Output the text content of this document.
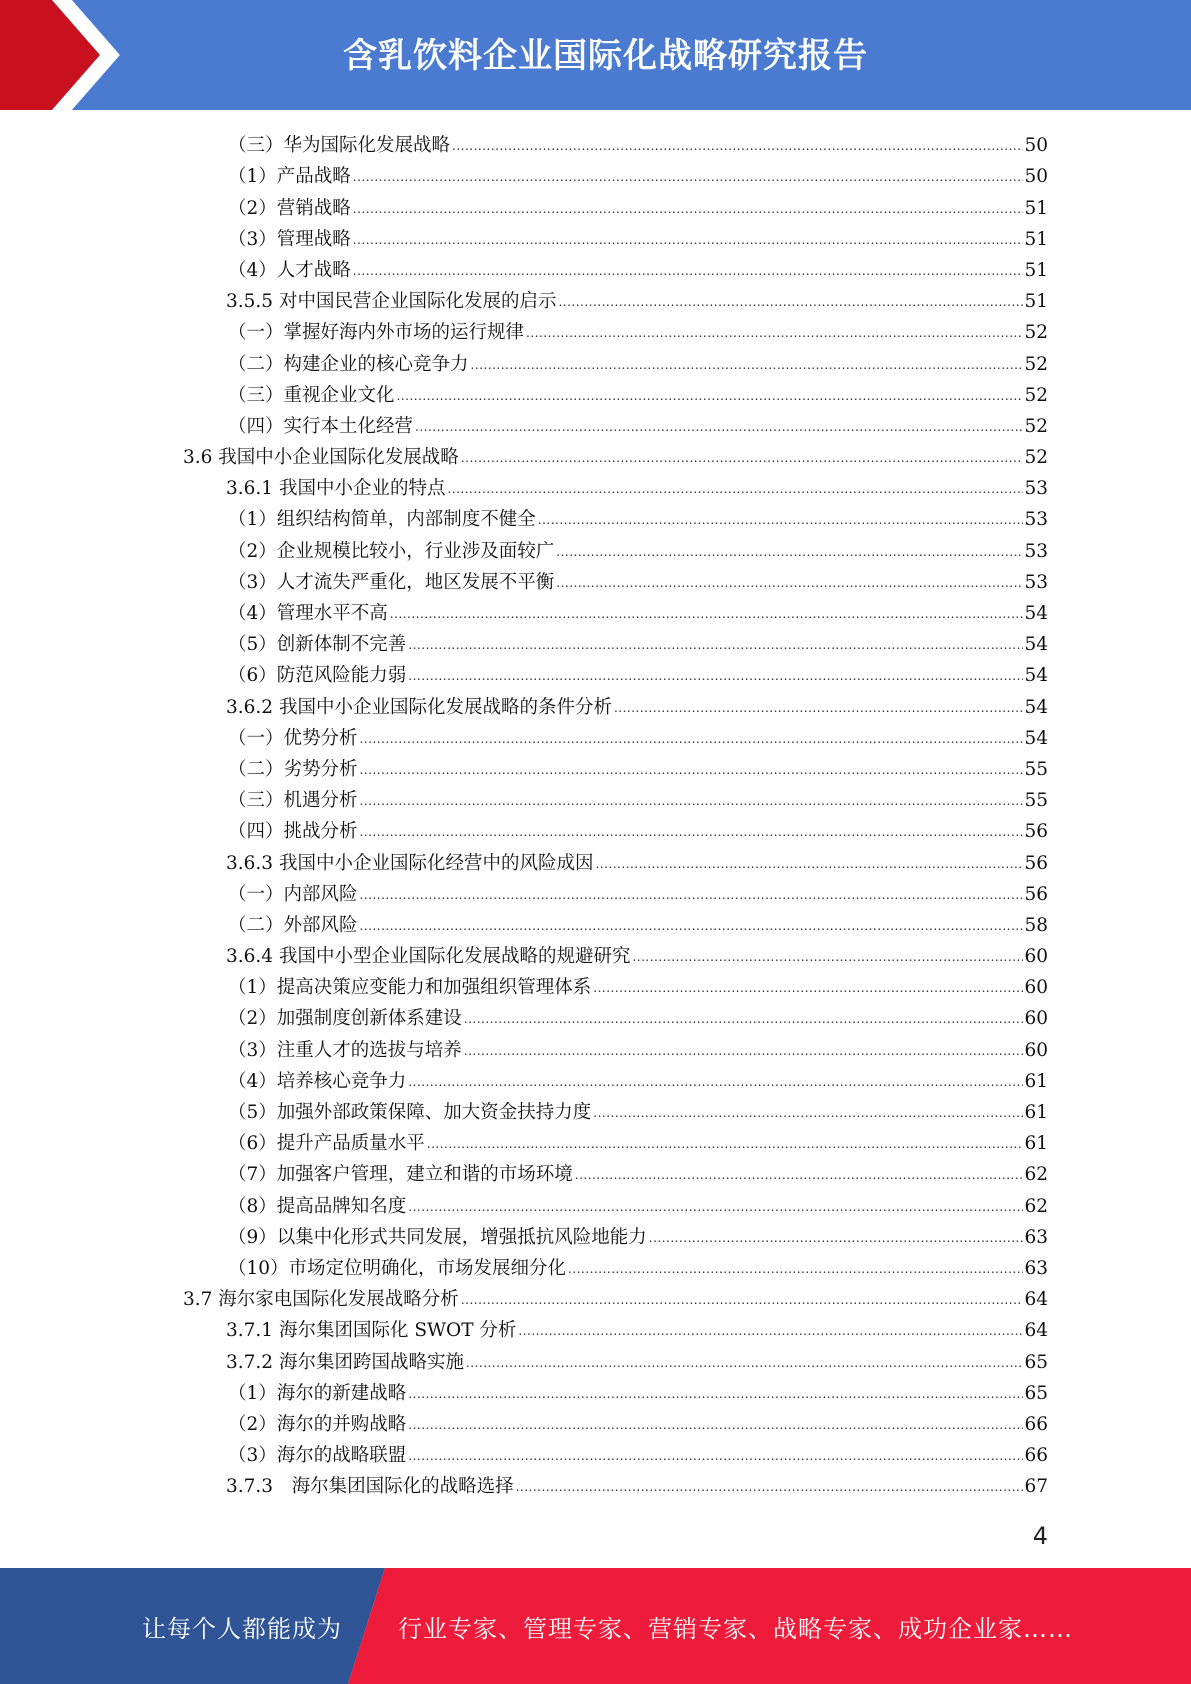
含乳饮料企业国际化战略研究报告
（三）华为国际化发展战略 .....	50
（1）产品战略 .....	50
（2）营销战略 .....	51
（3）管理战略 .....	51
（4）人才战略 .....	51
3.5.5 对中国民营企业国际化发展的启示 .....	51
（一）掌握好海内外市场的运行规律 .....	52
（二）构建企业的核心竞争力 .....	52
（三）重视企业文化 .....	52
（四）实行本土化经营 .....	52
3.6 我国中小企业国际化发展战略 .....	52
3.6.1 我国中小企业的特点 .....	53
（1）组织结构简单，内部制度不健全 .....	53
（2）企业规模比较小，行业涉及面较广 .....	53
（3）人才流失严重化，地区发展不平衡 .....	53
（4）管理水平不高 .....	54
（5）创新体制不完善 .....	54
（6）防范风险能力弱 .....	54
3.6.2 我国中小企业国际化发展战略的条件分析 .....	54
（一）优势分析 .....	54
（二）劣势分析 .....	55
（三）机遇分析 .....	55
（四）挑战分析 .....	56
3.6.3 我国中小企业国际化经营中的风险成因 .....	56
（一）内部风险 .....	56
（二）外部风险 .....	58
3.6.4 我国中小型企业国际化发展战略的规避研究 .....	60
（1）提高决策应变能力和加强组织管理体系 .....	60
（2）加强制度创新体系建设 .....	60
（3）注重人才的选拔与培养 .....	60
（4）培养核心竞争力 .....	61
（5）加强外部政策保障、加大资金扶持力度 .....	61
（6）提升产品质量水平 .....	61
（7）加强客户管理，建立和谐的市场环境 .....	62
（8）提高品牌知名度 .....	62
（9）以集中化形式共同发展，增强抵抗风险地能力 .....	63
（10）市场定位明确化，市场发展细分化 .....	63
3.7 海尔家电国际化发展战略分析 .....	64
3.7.1 海尔集团国际化 SWOT 分析 .....	64
3.7.2 海尔集团跨国战略实施 .....	65
（1）海尔的新建战略 .....	65
（2）海尔的并购战略 .....	66
（3）海尔的战略联盟 .....	66
3.7.3　海尔集团国际化的战略选择 .....	67
4
让每个人都能成为 行业专家、管理专家、营销专家、战略专家、成功企业家……
